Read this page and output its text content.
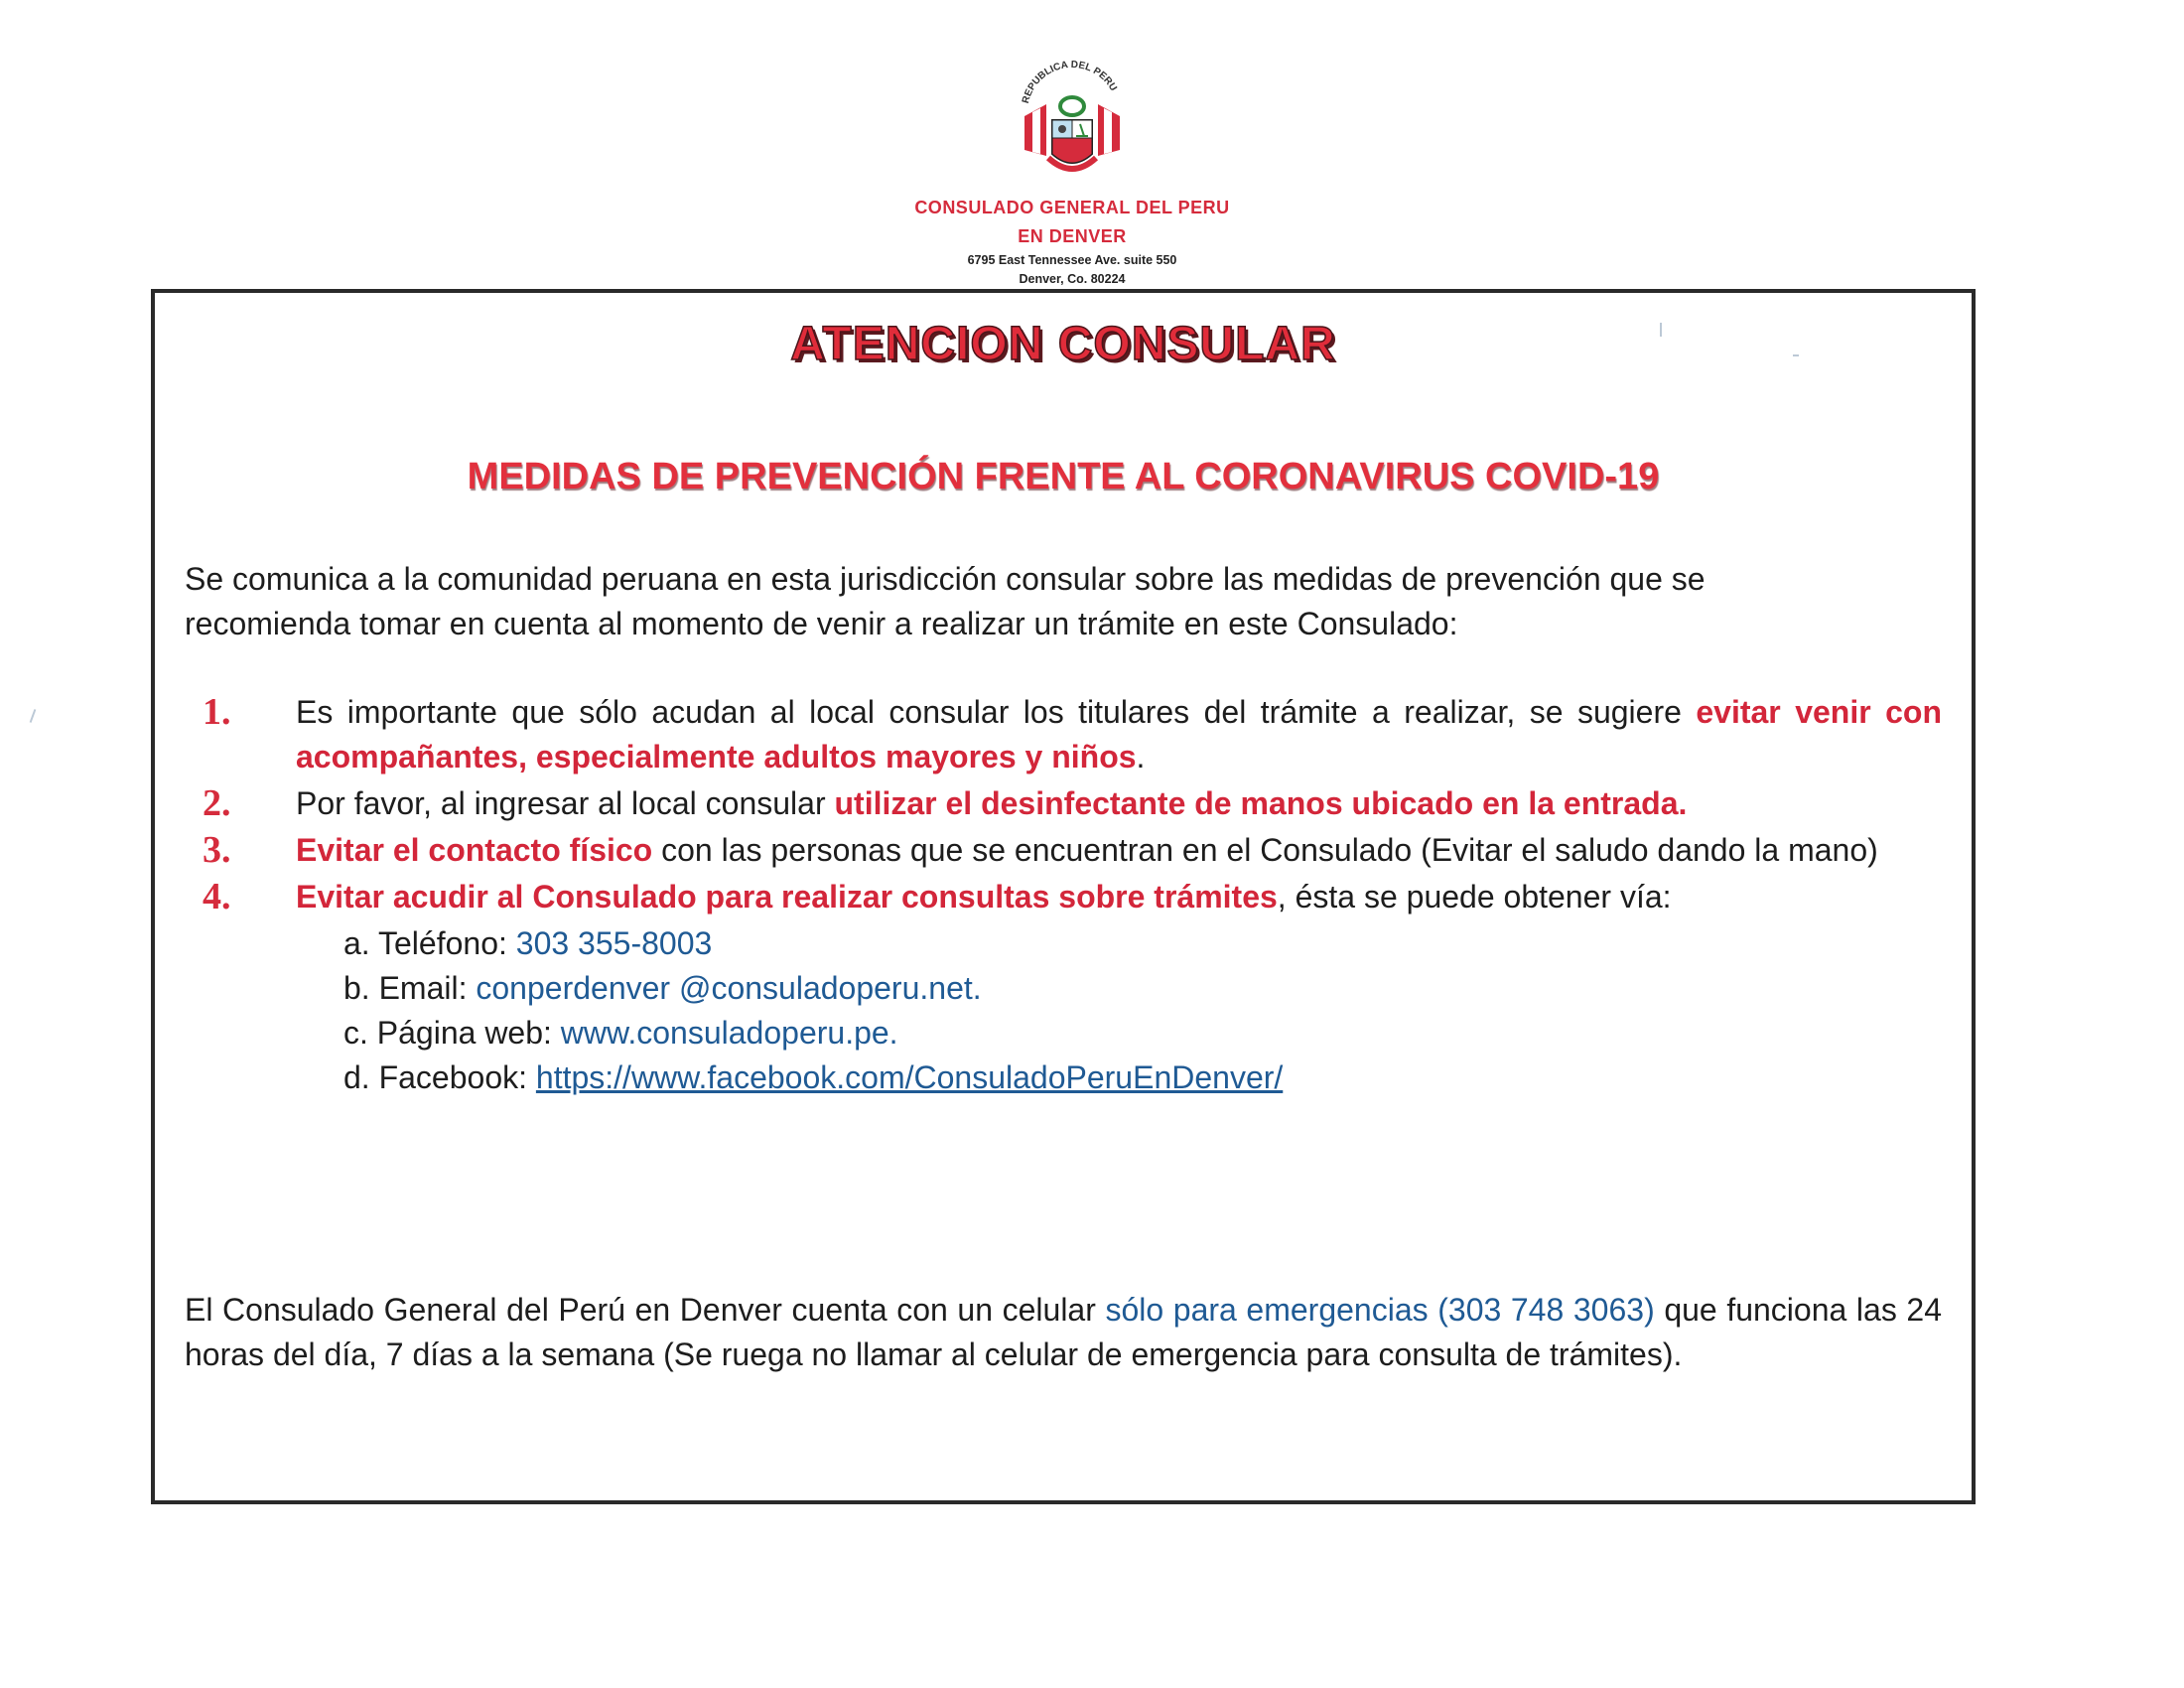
REPUBLICA DEL PERU
CONSULADO GENERAL DEL PERU
EN DENVER
6795 East Tennessee Ave. suite 550
Denver, Co. 80224
ATENCION CONSULAR
MEDIDAS DE PREVENCIÓN FRENTE AL CORONAVIRUS COVID-19
Se comunica a la comunidad peruana en esta jurisdicción consular sobre las medidas de prevención que se recomienda tomar en cuenta al momento de venir a realizar un trámite en este Consulado:
1. Es importante que sólo acudan al local consular los titulares del trámite a realizar, se sugiere evitar venir con acompañantes, especialmente adultos mayores y niños.
2. Por favor, al ingresar al local consular utilizar el desinfectante de manos ubicado en la entrada.
3. Evitar el contacto físico con las personas que se encuentran en el Consulado (Evitar el saludo dando la mano)
4. Evitar acudir al Consulado para realizar consultas sobre trámites, ésta se puede obtener vía:
a. Teléfono: 303 355-8003
b. Email: conperdenver @consuladoperu.net.
c. Página web: www.consuladoperu.pe.
d. Facebook: https://www.facebook.com/ConsuladoPeruEnDenver/
El Consulado General del Perú en Denver cuenta con un celular sólo para emergencias (303 748 3063) que funciona las 24 horas del día, 7 días a la semana (Se ruega no llamar al celular de emergencia para consulta de trámites).
